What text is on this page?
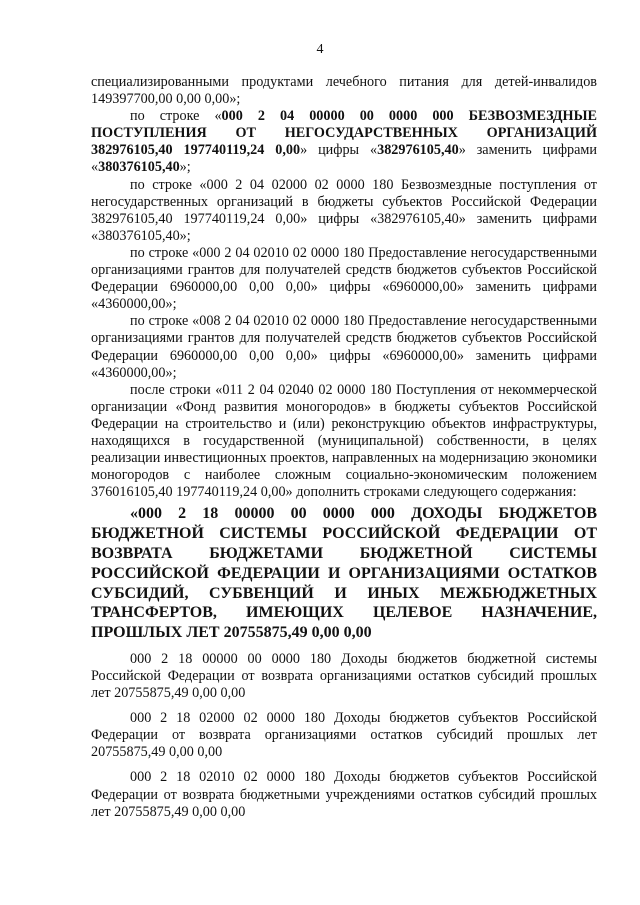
4

специализированными продуктами лечебного питания для детей-инвалидов 149397700,00 0,00 0,00»;

по строке «000 2 04 00000 00 0000 000 БЕЗВОЗМЕЗДНЫЕ ПОСТУПЛЕНИЯ ОТ НЕГОСУДАРСТВЕННЫХ ОРГАНИЗАЦИЙ 382976105,40 197740119,24 0,00» цифры «382976105,40» заменить цифрами «380376105,40»;

по строке «000 2 04 02000 02 0000 180 Безвозмездные поступления от негосударственных организаций в бюджеты субъектов Российской Федерации 382976105,40 197740119,24 0,00» цифры «382976105,40» заменить цифрами «380376105,40»;

по строке «000 2 04 02010 02 0000 180 Предоставление негосударственными организациями грантов для получателей средств бюджетов субъектов Российской Федерации 6960000,00 0,00 0,00» цифры «6960000,00» заменить цифрами «4360000,00»;

по строке «008 2 04 02010 02 0000 180 Предоставление негосударственными организациями грантов для получателей средств бюджетов субъектов Российской Федерации 6960000,00 0,00 0,00» цифры «6960000,00» заменить цифрами «4360000,00»;

после строки «011 2 04 02040 02 0000 180 Поступления от некоммерческой организации «Фонд развития моногородов» в бюджеты субъектов Российской Федерации на строительство и (или) реконструкцию объектов инфраструктуры, находящихся в государственной (муниципальной) собственности, в целях реализации инвестиционных проектов, направленных на модернизацию экономики моногородов с наиболее сложным социально-экономическим положением 376016105,40 197740119,24 0,00» дополнить строками следующего содержания:

«000 2 18 00000 00 0000 000 ДОХОДЫ БЮДЖЕТОВ БЮДЖЕТНОЙ СИСТЕМЫ РОССИЙСКОЙ ФЕДЕРАЦИИ ОТ ВОЗВРАТА БЮДЖЕТАМИ БЮДЖЕТНОЙ СИСТЕМЫ РОССИЙСКОЙ ФЕДЕРАЦИИ И ОРГАНИЗАЦИЯМИ ОСТАТКОВ СУБСИДИЙ, СУБВЕНЦИЙ И ИНЫХ МЕЖБЮДЖЕТНЫХ ТРАНСФЕРТОВ, ИМЕЮЩИХ ЦЕЛЕВОЕ НАЗНАЧЕНИЕ, ПРОШЛЫХ ЛЕТ 20755875,49 0,00 0,00

000 2 18 00000 00 0000 180 Доходы бюджетов бюджетной системы Российской Федерации от возврата организациями остатков субсидий прошлых лет 20755875,49 0,00 0,00

000 2 18 02000 02 0000 180 Доходы бюджетов субъектов Российской Федерации от возврата организациями остатков субсидий прошлых лет 20755875,49 0,00 0,00

000 2 18 02010 02 0000 180 Доходы бюджетов субъектов Российской Федерации от возврата бюджетными учреждениями остатков субсидий прошлых лет 20755875,49 0,00 0,00
